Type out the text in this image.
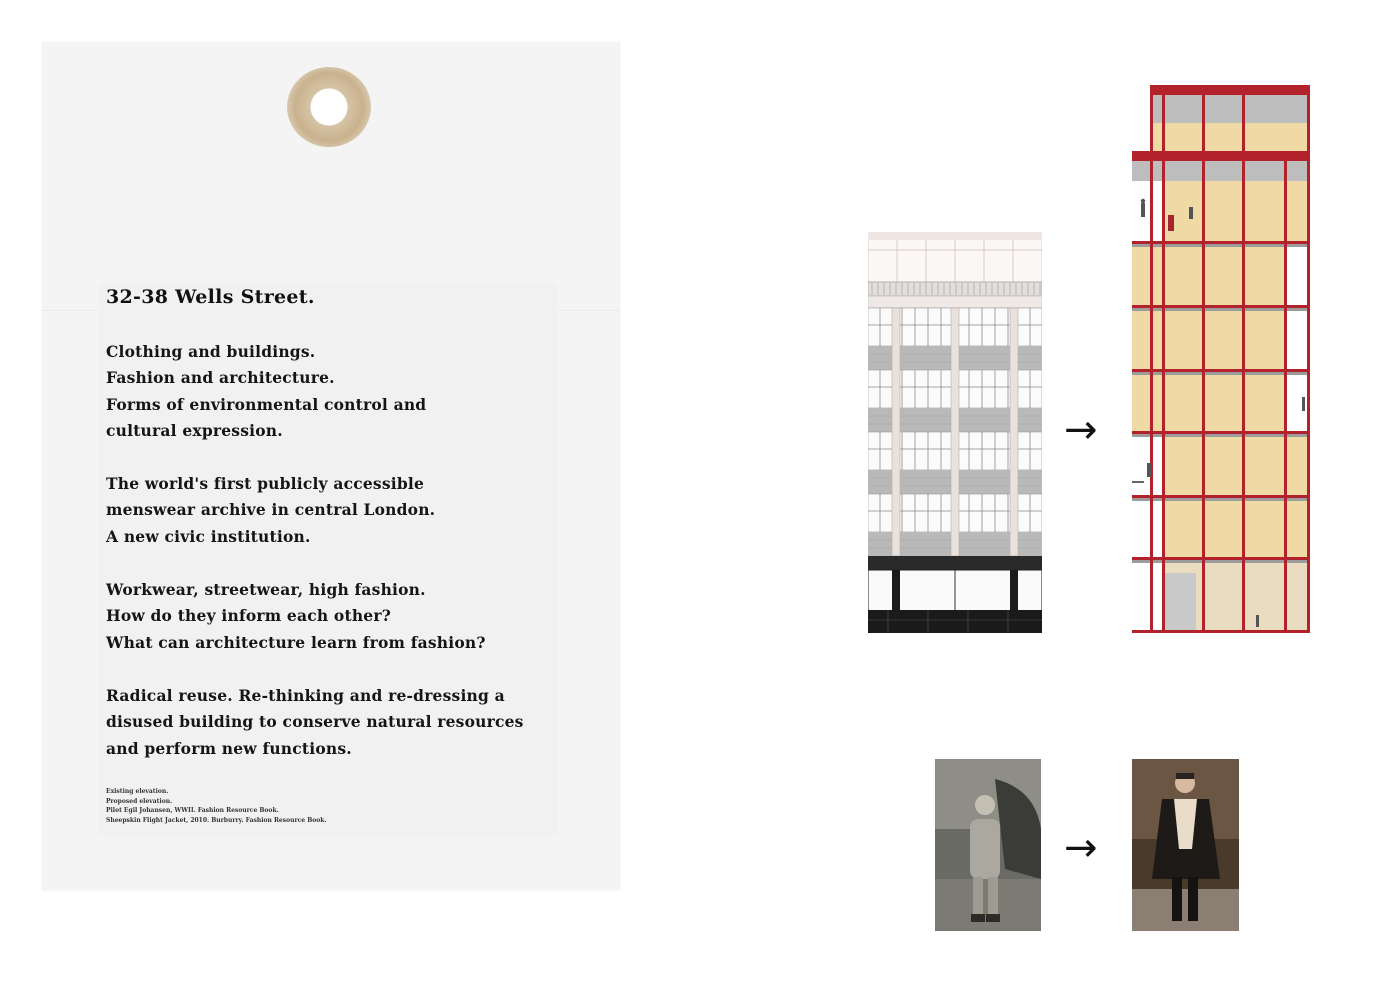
32-38 Wells Street.
Clothing and buildings.
Fashion and architecture.
Forms of environmental control and
cultural expression.
The world's first publicly accessible
menswear archive in central London.
A new civic institution.
Workwear, streetwear, high fashion.
How do they inform each other?
What can architecture learn from fashion?
Radical reuse. Re-thinking and re-dressing a
disused building to conserve natural resources
and perform new functions.
Existing elevation.
Proposed elevation.
Pilot Egil Johansen, WWII. Fashion Resource Book.
Sheepskin Flight Jacket, 2010. Burburry. Fashion Resource Book.
→
→
